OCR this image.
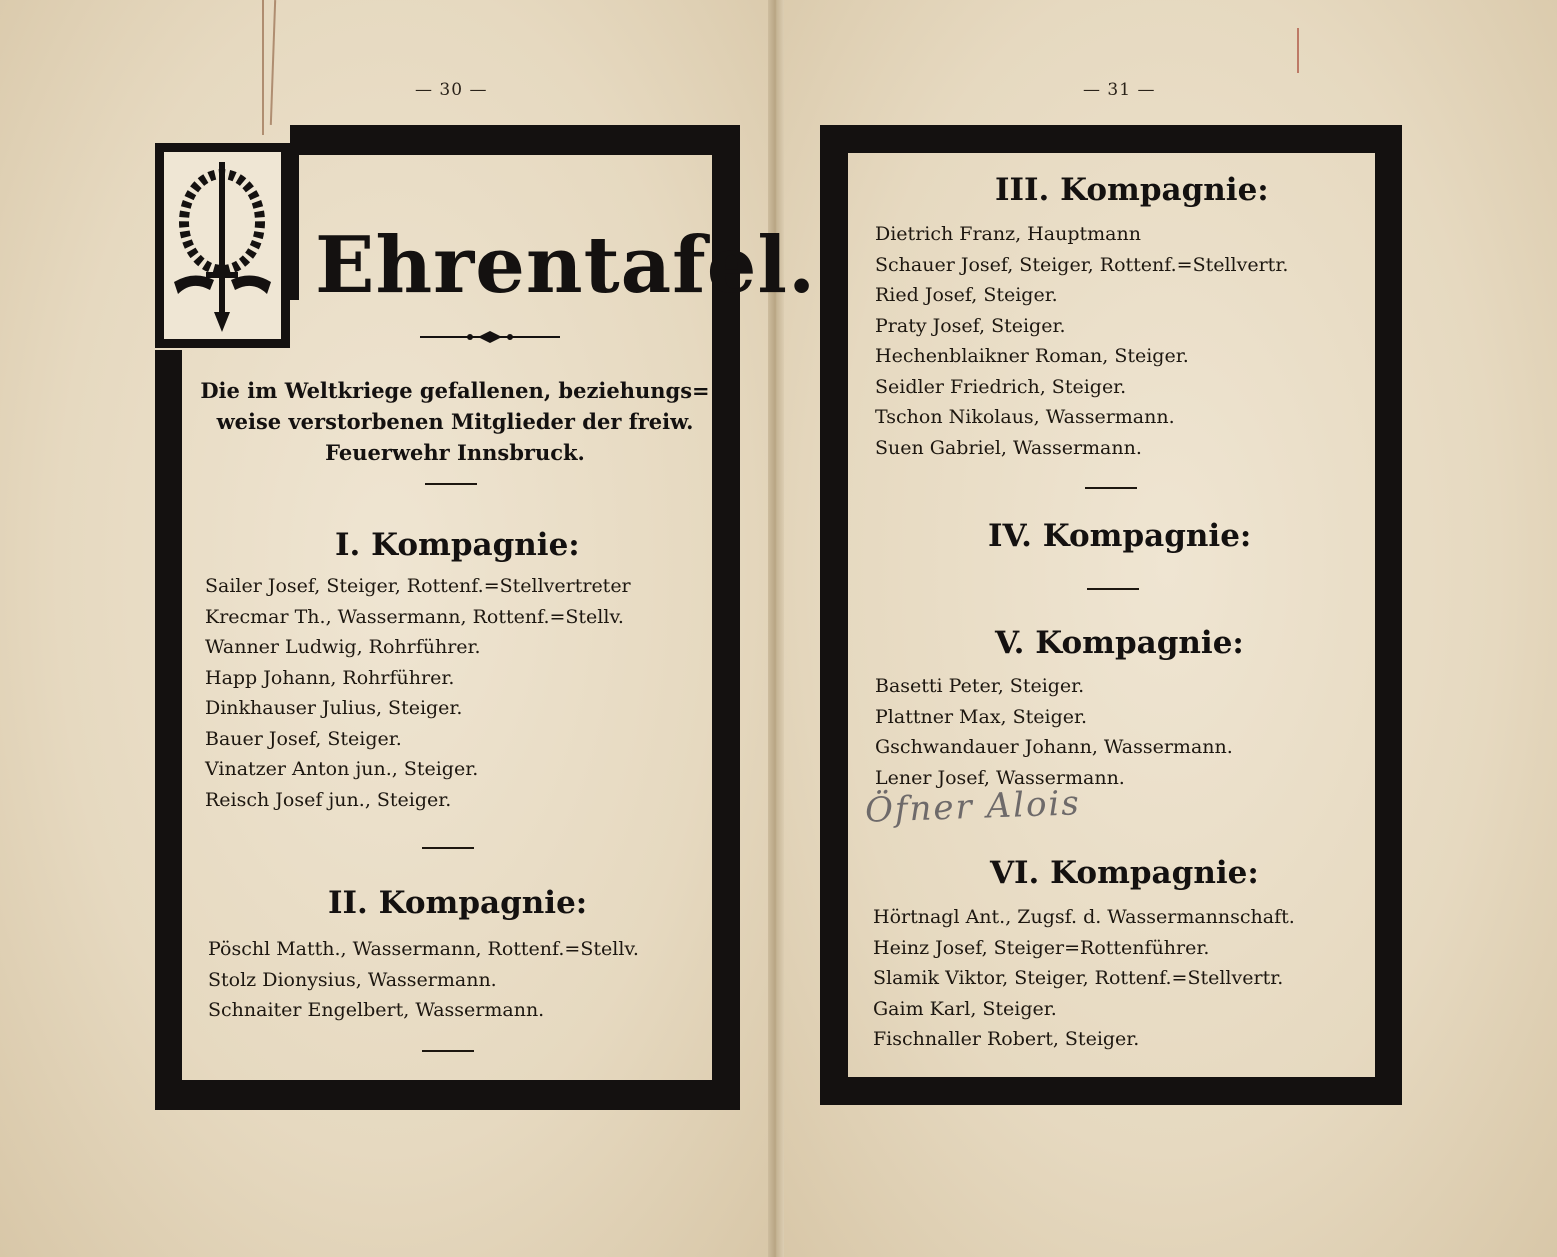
— 30 —
Ehrentafel.
Die im Weltkriege gefallenen, beziehungs= weise verstorbenen Mitglieder der freiw. Feuerwehr Innsbruck.
I. Kompagnie:
Sailer Josef, Steiger, Rottenf.=Stellvertreter
Krecmar Th., Wassermann, Rottenf.=Stellv.
Wanner Ludwig, Rohrführer.
Happ Johann, Rohrführer.
Dinkhauser Julius, Steiger.
Bauer Josef, Steiger.
Vinatzer Anton jun., Steiger.
Reisch Josef jun., Steiger.
II. Kompagnie:
Pöschl Matth., Wassermann, Rottenf.=Stellv.
Stolz Dionysius, Wassermann.
Schnaiter Engelbert, Wassermann.
— 31 —
III. Kompagnie:
Dietrich Franz, Hauptmann
Schauer Josef, Steiger, Rottenf.=Stellvertr.
Ried Josef, Steiger.
Praty Josef, Steiger.
Hechenblaikner Roman, Steiger.
Seidler Friedrich, Steiger.
Tschon Nikolaus, Wassermann.
Suen Gabriel, Wassermann.
IV. Kompagnie:
V. Kompagnie:
Basetti Peter, Steiger.
Plattner Max, Steiger.
Gschwandauer Johann, Wassermann.
Lener Josef, Wassermann.
Öfner Alois
VI. Kompagnie:
Hörtnagl Ant., Zugsf. d. Wassermannschaft.
Heinz Josef, Steiger=Rottenführer.
Slamik Viktor, Steiger, Rottenf.=Stellvertr.
Gaim Karl, Steiger.
Fischnaller Robert, Steiger.
